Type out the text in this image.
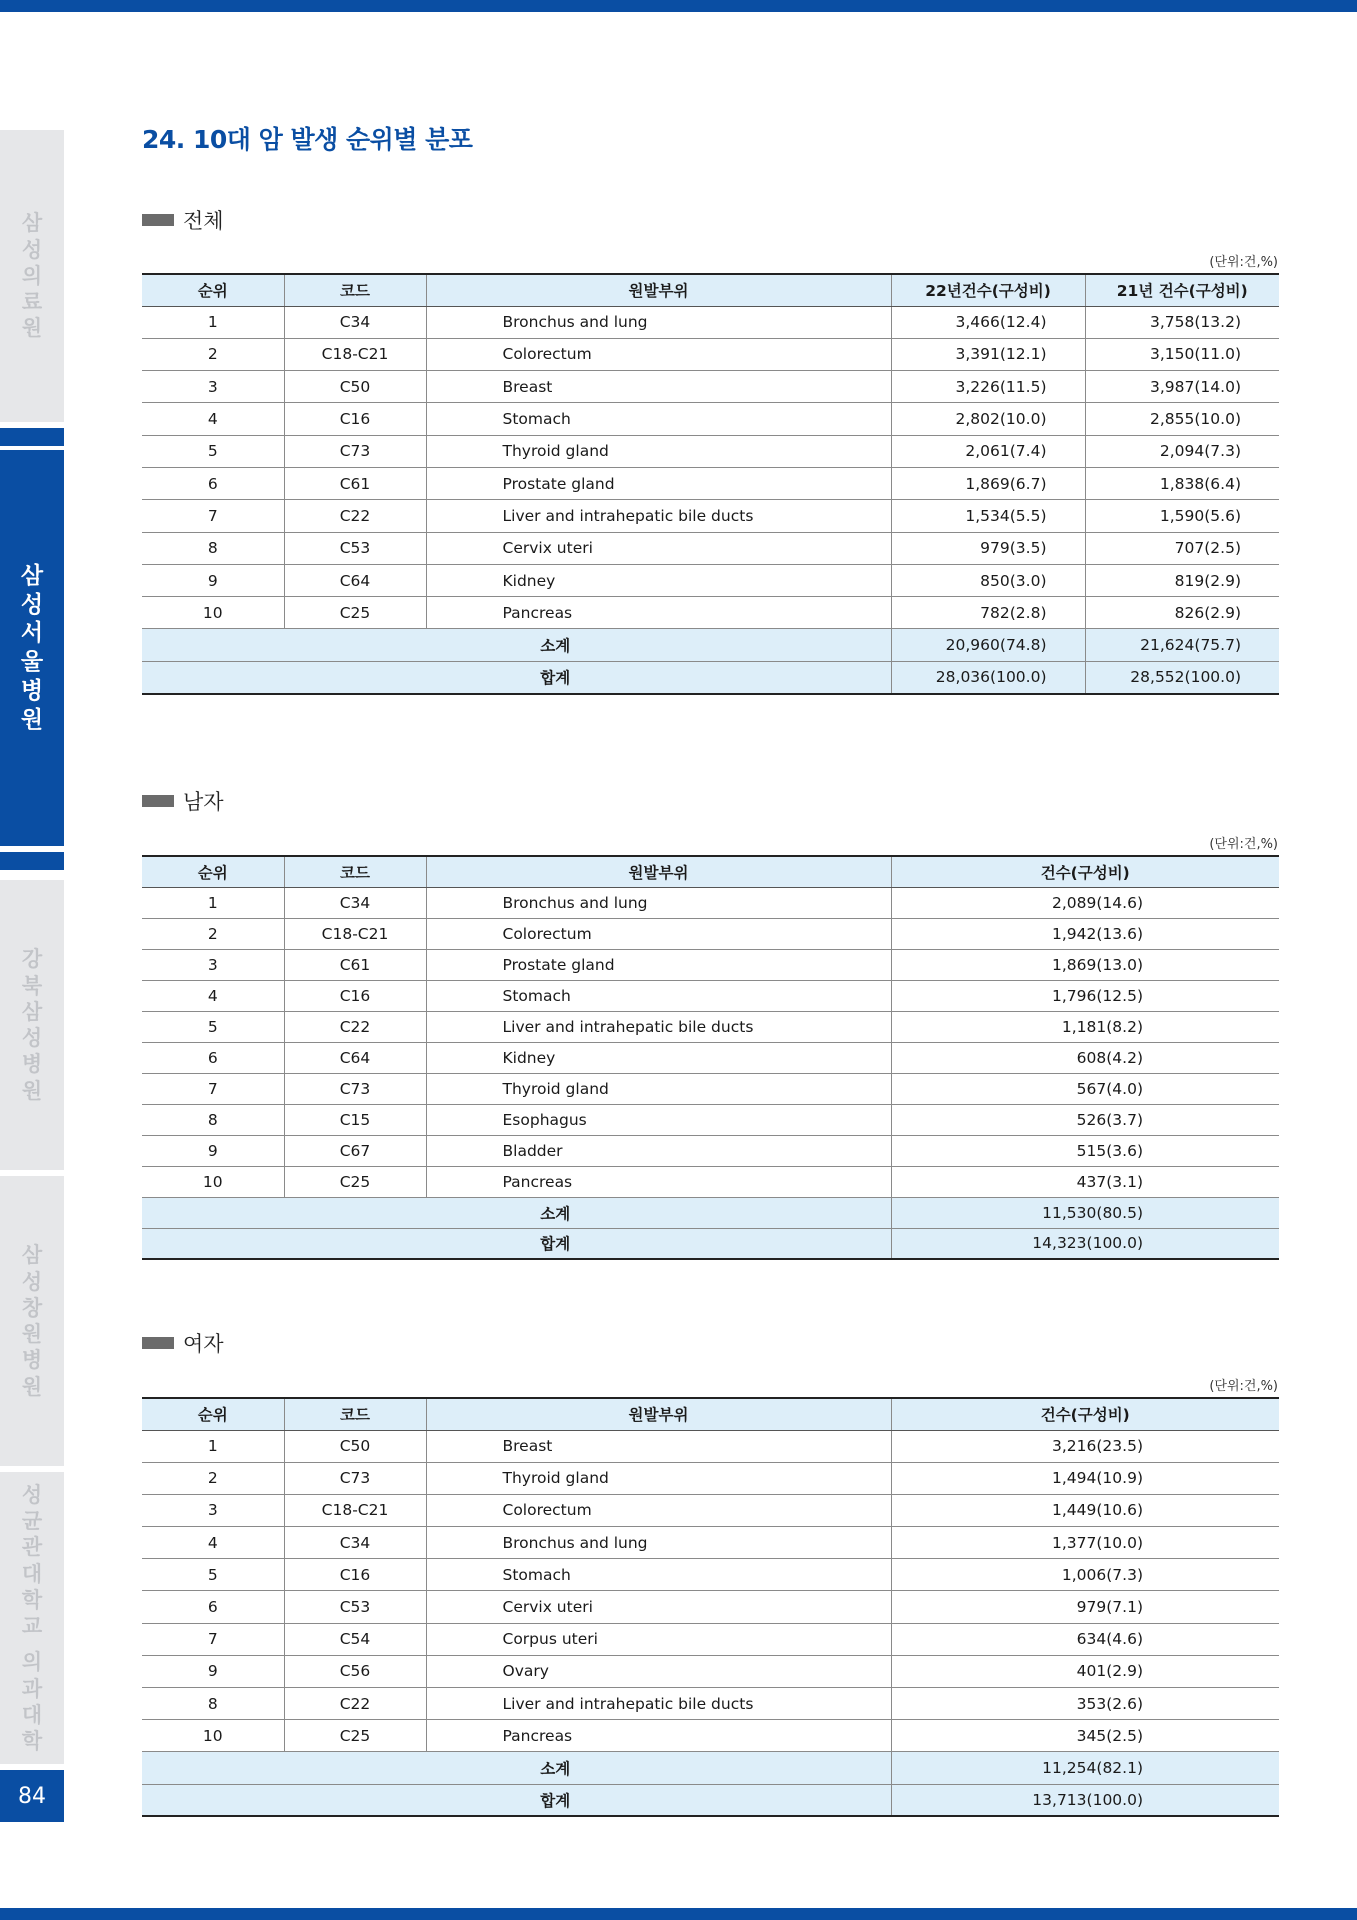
삼
성
의
료
원
삼
성
서
울
병
원
강
북
삼
성
병
원
삼
성
창
원
병
원
성
균
관
대
학
교
의
과
대
학
84
24. 10대 암 발생 순위별 분포
전체
(단위:건,%)
순위	코드	원발부위	22년건수(구성비)	21년 건수(구성비)
1	C34	Bronchus and lung	3,466(12.4)	3,758(13.2)
2	C18-C21	Colorectum	3,391(12.1)	3,150(11.0)
3	C50	Breast	3,226(11.5)	3,987(14.0)
4	C16	Stomach	2,802(10.0)	2,855(10.0)
5	C73	Thyroid gland	2,061(7.4)	2,094(7.3)
6	C61	Prostate gland	1,869(6.7)	1,838(6.4)
7	C22	Liver and intrahepatic bile ducts	1,534(5.5)	1,590(5.6)
8	C53	Cervix uteri	979(3.5)	707(2.5)
9	C64	Kidney	850(3.0)	819(2.9)
10	C25	Pancreas	782(2.8)	826(2.9)
소계			20,960(74.8)	21,624(75.7)
합계			28,036(100.0)	28,552(100.0)
남자
(단위:건,%)
순위	코드	원발부위	건수(구성비)
1	C34	Bronchus and lung	2,089(14.6)
2	C18-C21	Colorectum	1,942(13.6)
3	C61	Prostate gland	1,869(13.0)
4	C16	Stomach	1,796(12.5)
5	C22	Liver and intrahepatic bile ducts	1,181(8.2)
6	C64	Kidney	608(4.2)
7	C73	Thyroid gland	567(4.0)
8	C15	Esophagus	526(3.7)
9	C67	Bladder	515(3.6)
10	C25	Pancreas	437(3.1)
소계			11,530(80.5)
합계			14,323(100.0)
여자
(단위:건,%)
순위	코드	원발부위	건수(구성비)
1	C50	Breast	3,216(23.5)
2	C73	Thyroid gland	1,494(10.9)
3	C18-C21	Colorectum	1,449(10.6)
4	C34	Bronchus and lung	1,377(10.0)
5	C16	Stomach	1,006(7.3)
6	C53	Cervix uteri	979(7.1)
7	C54	Corpus uteri	634(4.6)
9	C56	Ovary	401(2.9)
8	C22	Liver and intrahepatic bile ducts	353(2.6)
10	C25	Pancreas	345(2.5)
소계			11,254(82.1)
합계			13,713(100.0)
